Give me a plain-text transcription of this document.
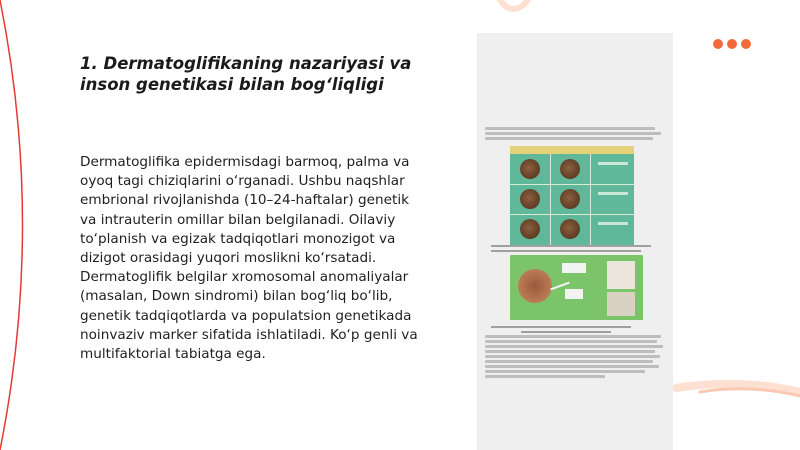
1. Dermatoglifikaning nazariyasi va inson genetikasi bilan bog‘liqligi
Dermatoglifika epidermisdagi barmoq, palma va oyoq tagi chiziqlarini o‘rganadi. Ushbu naqshlar embrional rivojlanishda (10–24-haftalar) genetik va intrauterin omillar bilan belgilanadi. Oilaviy to‘planish va egizak tadqiqotlari monozigot va dizigot orasidagi yuqori moslikni ko‘rsatadi. Dermatoglifik belgilar xromosomal anomaliyalar (masalan, Down sindromi) bilan bog‘liq bo‘lib, genetik tadqiqotlarda va populatsion genetikada noinvaziv marker sifatida ishlatiladi. Ko‘p genli va multifaktorial tabiatga ega.
